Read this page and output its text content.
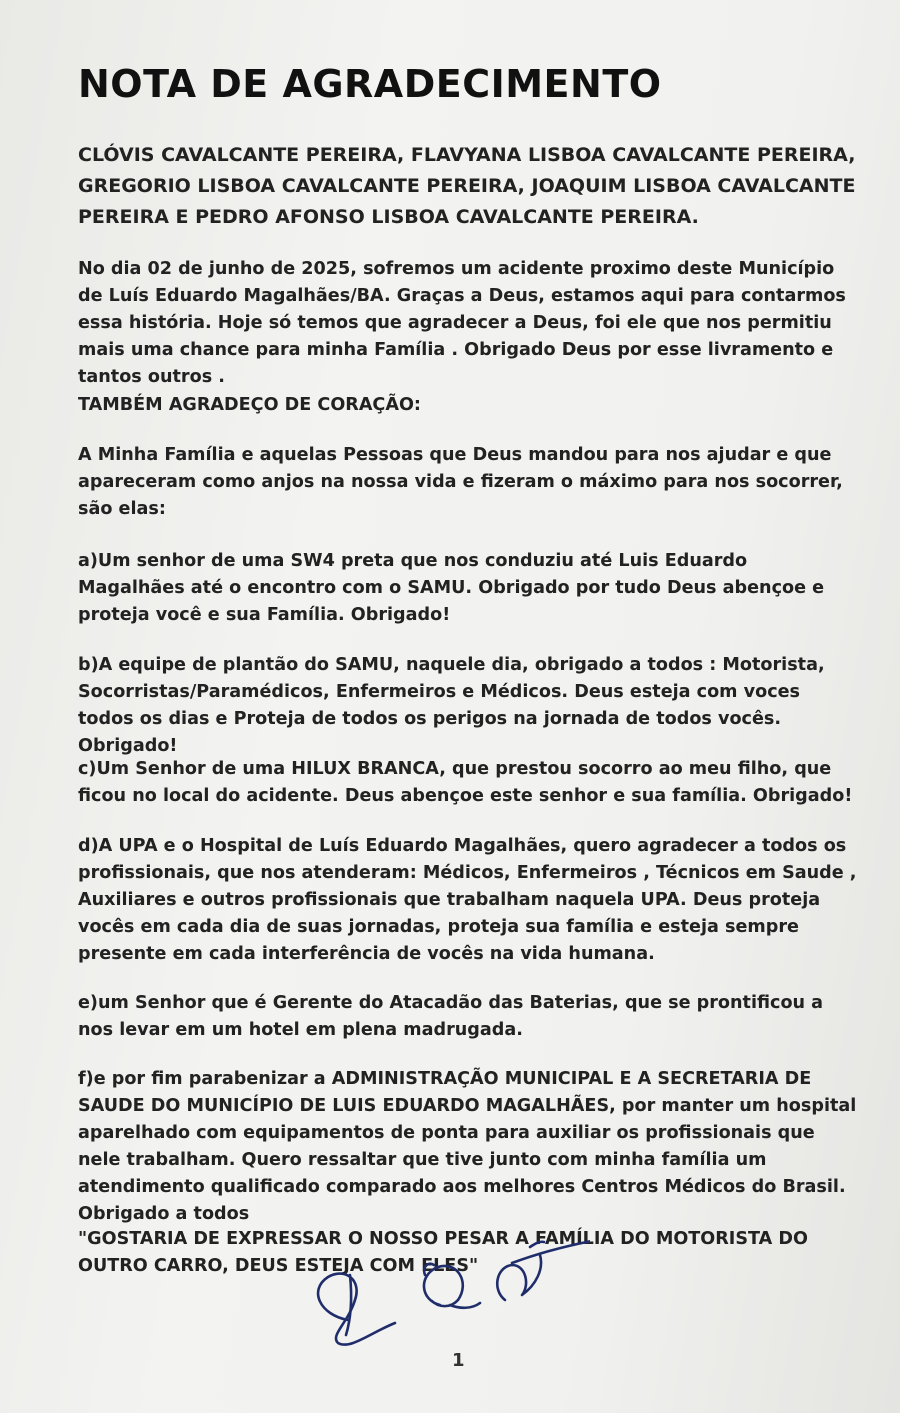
NOTA DE AGRADECIMENTO

CLÓVIS CAVALCANTE PEREIRA, FLAVYANA LISBOA CAVALCANTE PEREIRA, GREGORIO LISBOA CAVALCANTE PEREIRA, JOAQUIM LISBOA CAVALCANTE PEREIRA E PEDRO AFONSO LISBOA CAVALCANTE PEREIRA.

No dia 02 de junho de 2025, sofremos um acidente proximo deste Município de Luís Eduardo Magalhães/BA. Graças a Deus, estamos aqui para contarmos essa história. Hoje só temos que agradecer a Deus, foi ele que nos permitiu mais uma chance para minha Família . Obrigado Deus por esse livramento e tantos outros .

TAMBÉM AGRADEÇO DE CORAÇÃO:

A Minha Família e aquelas Pessoas que Deus mandou para nos ajudar e que apareceram como anjos na nossa vida e fizeram o máximo para nos socorrer, são elas:

a)Um senhor de uma SW4 preta que nos conduziu até Luis Eduardo Magalhães até o encontro com o SAMU. Obrigado por tudo Deus abençoe e proteja você e sua Família. Obrigado!

b)A equipe de plantão do SAMU, naquele dia, obrigado a todos : Motorista, Socorristas/Paramédicos, Enfermeiros e Médicos. Deus esteja com voces todos os dias e Proteja de todos os perigos na jornada de todos vocês. Obrigado!

c)Um Senhor de uma HILUX BRANCA, que prestou socorro ao meu filho, que ficou no local do acidente. Deus abençoe este senhor e sua família. Obrigado!

d)A UPA e o Hospital de Luís Eduardo Magalhães, quero agradecer a todos os profissionais, que nos atenderam: Médicos, Enfermeiros , Técnicos em Saude , Auxiliares e outros profissionais que trabalham naquela UPA. Deus proteja vocês em cada dia de suas jornadas, proteja sua família e esteja sempre presente em cada interferência de vocês na vida humana.

e)um Senhor que é Gerente do Atacadão das Baterias, que se prontificou a nos levar em um hotel em plena madrugada.

f)e por fim parabenizar a ADMINISTRAÇÃO MUNICIPAL E A SECRETARIA DE SAUDE DO MUNICÍPIO DE LUIS EDUARDO MAGALHÃES, por manter um hospital aparelhado com equipamentos de ponta para auxiliar os profissionais que nele trabalham. Quero ressaltar que tive junto com minha família um atendimento qualificado comparado aos melhores Centros Médicos do Brasil. Obrigado a todos

"GOSTARIA DE EXPRESSAR O NOSSO PESAR A FAMÍLIA DO MOTORISTA DO OUTRO CARRO, DEUS ESTEJA COM ELES"

1
